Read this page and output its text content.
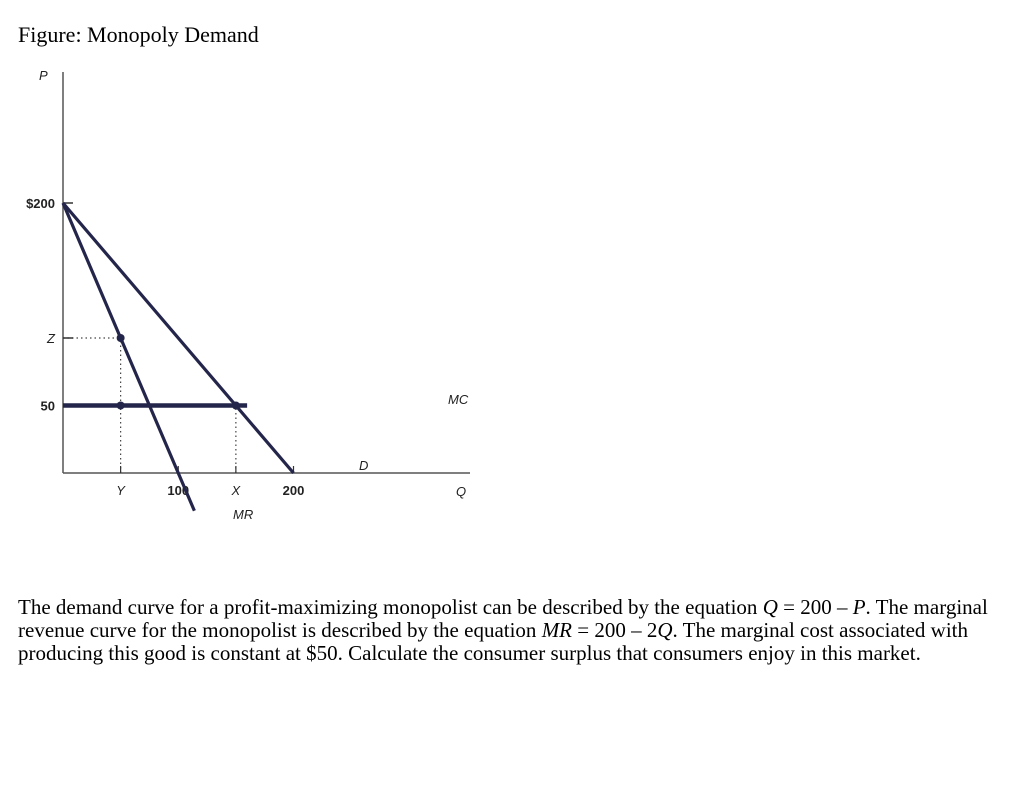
Figure: Monopoly Demand
P
Q
$200
Z
50
Y	100	X	200
MC
D
MR
The demand curve for a profit-maximizing monopolist can be described by the equation Q = 200 – P. The marginal revenue curve for the monopolist is described by the equation MR = 200 – 2Q. The marginal cost associated with producing this good is constant at $50. Calculate the consumer surplus that consumers enjoy in this market.
